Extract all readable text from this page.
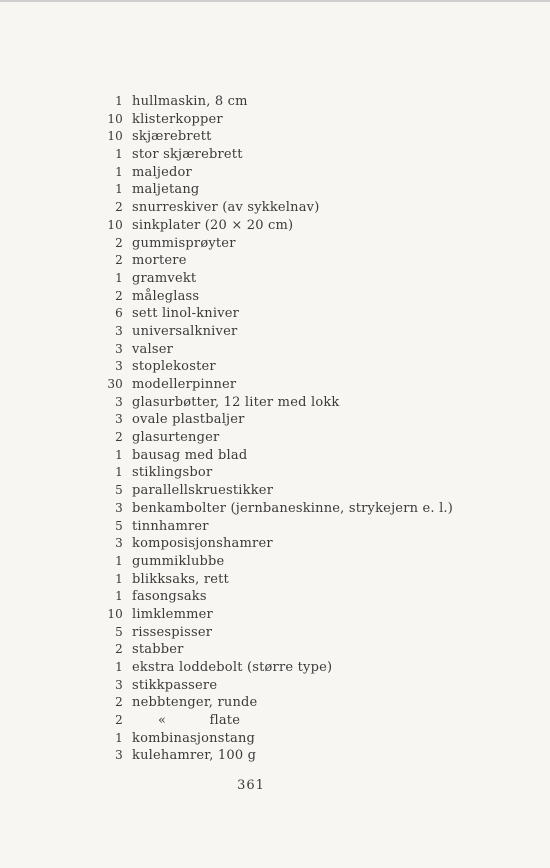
1 hullmaskin, 8 cm
10 klisterkopper
10 skjærebrett
1 stor skjærebrett
1 maljedor
1 maljetang
2 snurreskiver (av sykkelnav)
10 sinkplater (20 × 20 cm)
2 gummisprøyter
2 mortere
1 gramvekt
2 måleglass
6 sett linol-kniver
3 universalkniver
3 valser
3 stoplekoster
30 modellerpinner
3 glasurbøtter, 12 liter med lokk
3 ovale plastbaljer
2 glasurtenger
1 bausag med blad
1 stiklingsbor
5 parallellskruestikker
3 benkambolter (jernbaneskinne, strykejern e. l.)
5 tinnhamrer
3 komposisjonshamrer
1 gummiklubbe
1 blikksaks, rett
1 fasongsaks
10 limklemmer
5 rissespisser
2 stabber
1 ekstra loddebolt (større type)
3 stikkpassere
2 nebbtenger, runde
2 «          flate
1 kombinasjonstang
3 kulehamrer, 100 g
361
